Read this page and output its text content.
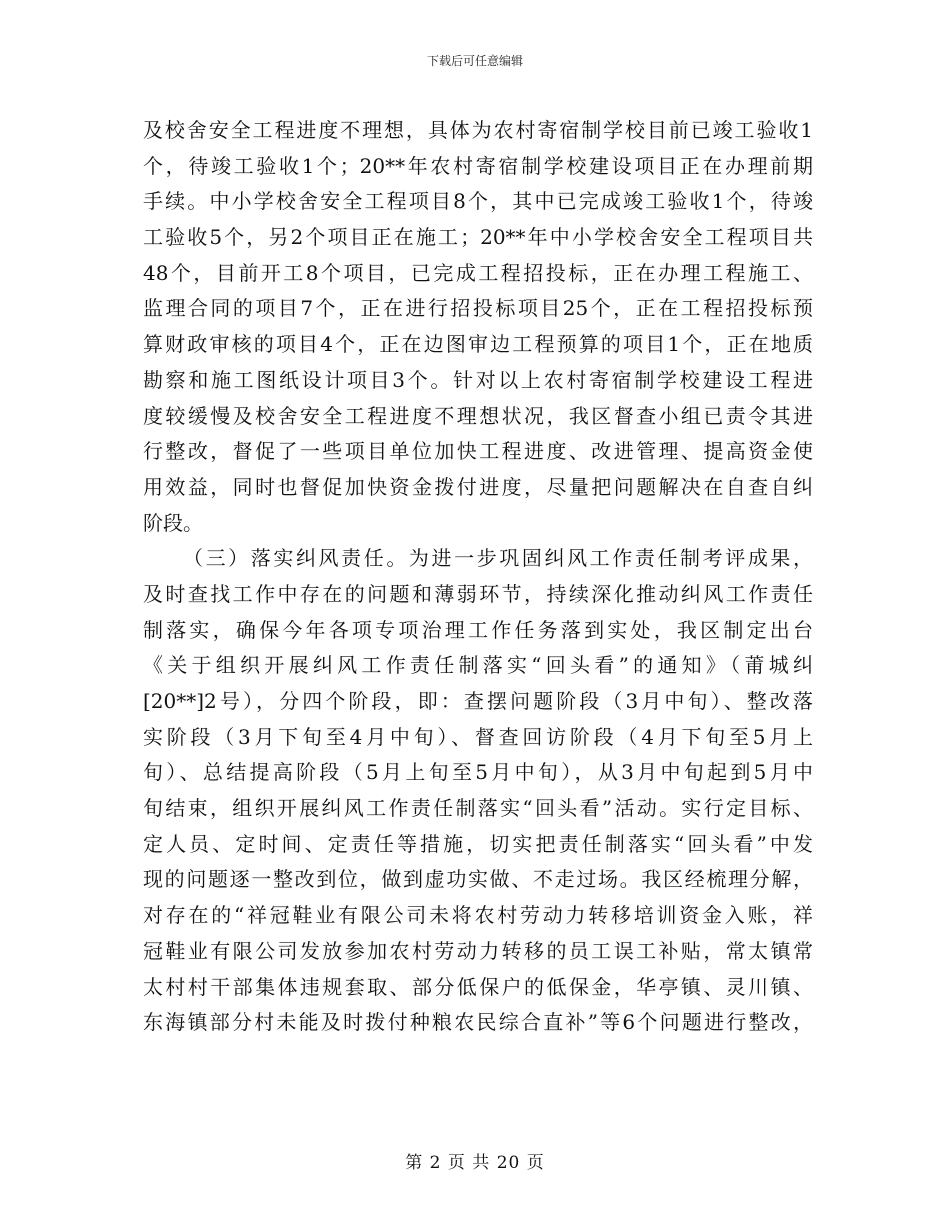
下载后可任意编辑
及校舍安全工程进度不理想，具体为农村寄宿制学校目前已竣工验收1
个，待竣工验收1个；20**年农村寄宿制学校建设项目正在办理前期
手续。中小学校舍安全工程项目8个，其中已完成竣工验收1个，待竣
工验收5个，另2个项目正在施工；20**年中小学校舍安全工程项目共
48个，目前开工8个项目，已完成工程招投标，正在办理工程施工、
监理合同的项目7个，正在进行招投标项目25个，正在工程招投标预
算财政审核的项目4个，正在边图审边工程预算的项目1个，正在地质
勘察和施工图纸设计项目3个。针对以上农村寄宿制学校建设工程进
度较缓慢及校舍安全工程进度不理想状况，我区督查小组已责令其进
行整改，督促了一些项目单位加快工程进度、改进管理、提高资金使
用效益，同时也督促加快资金拨付进度，尽量把问题解决在自查自纠
阶段。
（三）落实纠风责任。为进一步巩固纠风工作责任制考评成果，
及时查找工作中存在的问题和薄弱环节，持续深化推动纠风工作责任
制落实，确保今年各项专项治理工作任务落到实处，我区制定出台
《关于组织开展纠风工作责任制落实“回头看”的通知》（莆城纠
[20**]2号），分四个阶段，即：查摆问题阶段（3月中旬）、整改落
实阶段（3月下旬至4月中旬）、督查回访阶段（4月下旬至5月上
旬）、总结提高阶段（5月上旬至5月中旬），从3月中旬起到5月中
旬结束，组织开展纠风工作责任制落实“回头看”活动。实行定目标、
定人员、定时间、定责任等措施，切实把责任制落实“回头看”中发
现的问题逐一整改到位，做到虚功实做、不走过场。我区经梳理分解，
对存在的“祥冠鞋业有限公司未将农村劳动力转移培训资金入账，祥
冠鞋业有限公司发放参加农村劳动力转移的员工误工补贴，常太镇常
太村村干部集体违规套取、部分低保户的低保金，华亭镇、灵川镇、
东海镇部分村未能及时拨付种粮农民综合直补”等6个问题进行整改，
第 2 页 共 20 页
